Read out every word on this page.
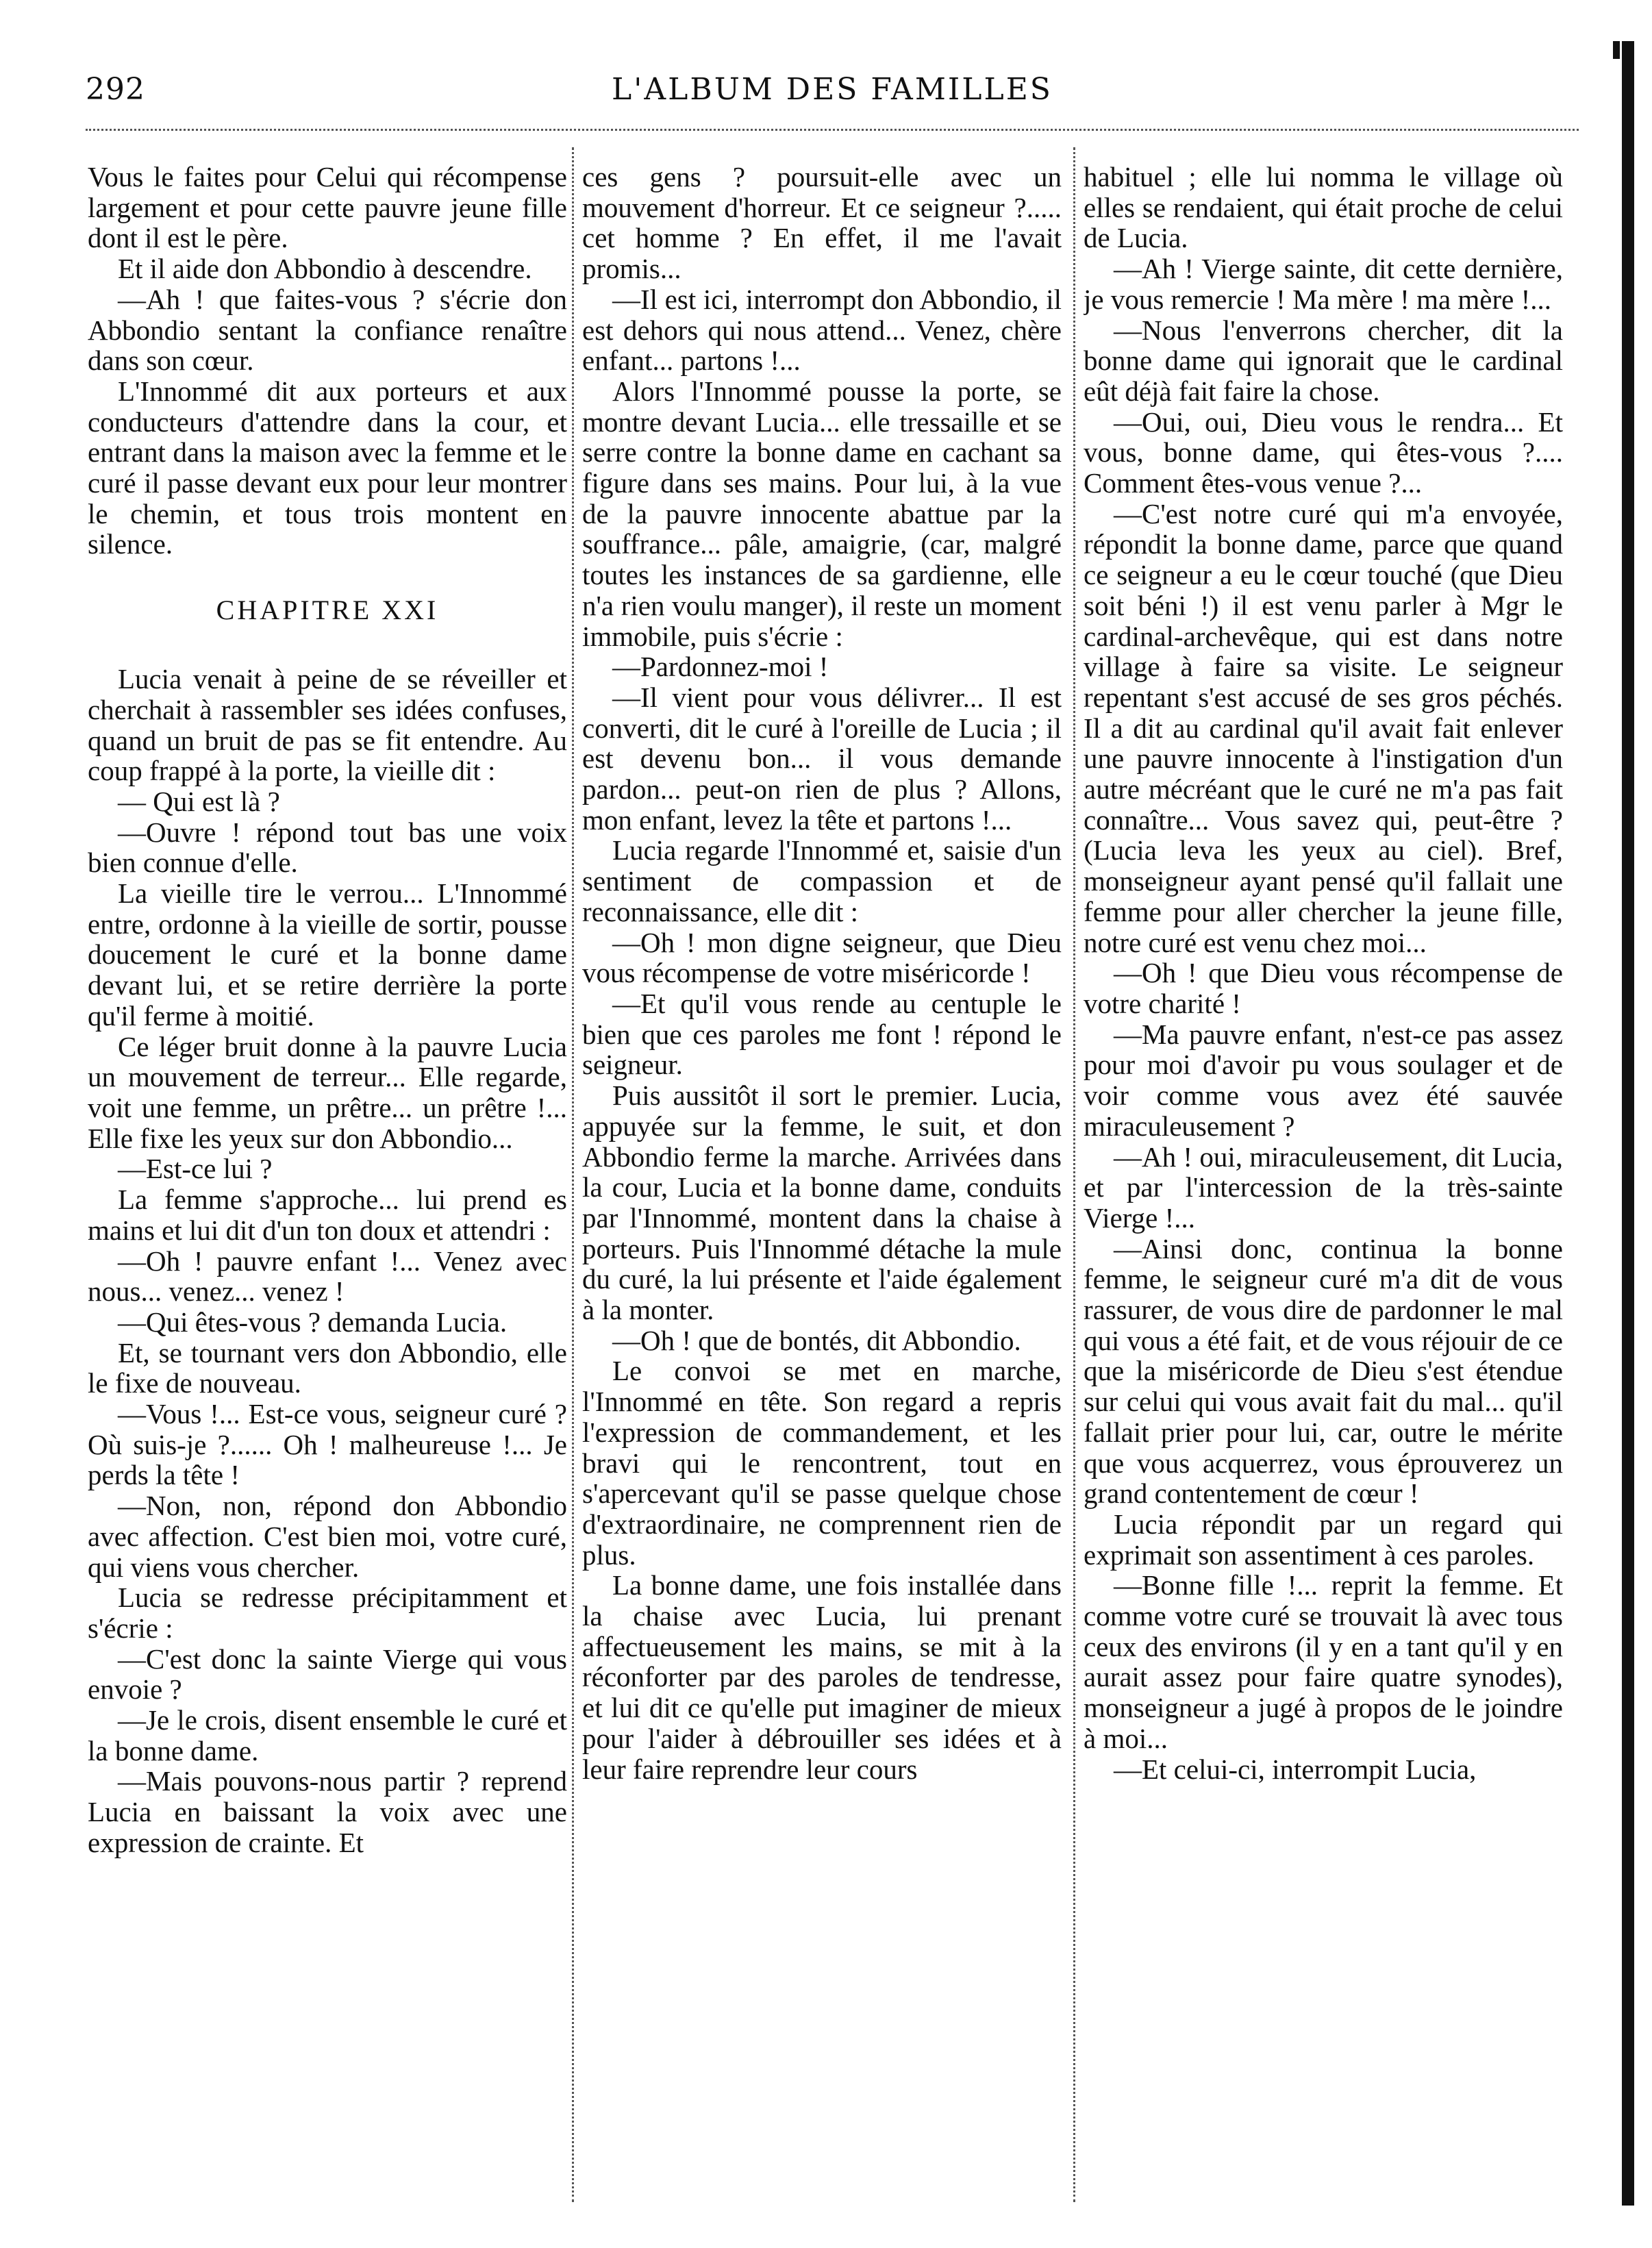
292	L'ALBUM DES FAMILLES

Vous le faites pour Celui qui récompense largement et pour cette pauvre jeune fille dont il est le père.

Et il aide don Abbondio à descendre.

—Ah ! que faites-vous ? s'écrie don Abbondio sentant la confiance renaître dans son cœur.

L'Innommé dit aux porteurs et aux conducteurs d'attendre dans la cour, et entrant dans la maison avec la femme et le curé il passe devant eux pour leur montrer le chemin, et tous trois montent en silence.

CHAPITRE XXI

Lucia venait à peine de se réveiller et cherchait à rassembler ses idées confuses, quand un bruit de pas se fit entendre. Au coup frappé à la porte, la vieille dit :

— Qui est là ?

—Ouvre ! répond tout bas une voix bien connue d'elle.

La vieille tire le verrou... L'Innommé entre, ordonne à la vieille de sortir, pousse doucement le curé et la bonne dame devant lui, et se retire derrière la porte qu'il ferme à moitié.

Ce léger bruit donne à la pauvre Lucia un mouvement de terreur... Elle regarde, voit une femme, un prêtre... un prêtre !... Elle fixe les yeux sur don Abbondio...

—Est-ce lui ?

La femme s'approche... lui prend es mains et lui dit d'un ton doux et attendri :

—Oh ! pauvre enfant !... Venez avec nous... venez... venez !

—Qui êtes-vous ? demanda Lucia.

Et, se tournant vers don Abbondio, elle le fixe de nouveau.

—Vous !... Est-ce vous, seigneur curé ? Où suis-je ?...... Oh ! malheureuse !... Je perds la tête !

—Non, non, répond don Abbondio avec affection. C'est bien moi, votre curé, qui viens vous chercher.

Lucia se redresse précipitamment et s'écrie :

—C'est donc la sainte Vierge qui vous envoie ?

—Je le crois, disent ensemble le curé et la bonne dame.

—Mais pouvons-nous partir ? reprend Lucia en baissant la voix avec une expression de crainte. Et

ces gens ? poursuit-elle avec un mouvement d'horreur. Et ce seigneur ?..... cet homme ? En effet, il me l'avait promis...

—Il est ici, interrompt don Abbondio, il est dehors qui nous attend... Venez, chère enfant... partons !...

Alors l'Innommé pousse la porte, se montre devant Lucia... elle tressaille et se serre contre la bonne dame en cachant sa figure dans ses mains. Pour lui, à la vue de la pauvre innocente abattue par la souffrance... pâle, amaigrie, (car, malgré toutes les instances de sa gardienne, elle n'a rien voulu manger), il reste un moment immobile, puis s'écrie :

—Pardonnez-moi !

—Il vient pour vous délivrer... Il est converti, dit le curé à l'oreille de Lucia ; il est devenu bon... il vous demande pardon... peut-on rien de plus ? Allons, mon enfant, levez la tête et partons !...

Lucia regarde l'Innommé et, saisie d'un sentiment de compassion et de reconnaissance, elle dit :

—Oh ! mon digne seigneur, que Dieu vous récompense de votre miséricorde !

—Et qu'il vous rende au centuple le bien que ces paroles me font ! répond le seigneur.

Puis aussitôt il sort le premier. Lucia, appuyée sur la femme, le suit, et don Abbondio ferme la marche. Arrivées dans la cour, Lucia et la bonne dame, conduits par l'Innommé, montent dans la chaise à porteurs. Puis l'Innommé détache la mule du curé, la lui présente et l'aide également à la monter.

—Oh ! que de bontés, dit Abbondio.

Le convoi se met en marche, l'Innommé en tête. Son regard a repris l'expression de commandement, et les bravi qui le rencontrent, tout en s'apercevant qu'il se passe quelque chose d'extraordinaire, ne comprennent rien de plus.

La bonne dame, une fois installée dans la chaise avec Lucia, lui prenant affectueusement les mains, se mit à la réconforter par des paroles de tendresse, et lui dit ce qu'elle put imaginer de mieux pour l'aider à débrouiller ses idées et à leur faire reprendre leur cours

habituel ; elle lui nomma le village où elles se rendaient, qui était proche de celui de Lucia.

—Ah ! Vierge sainte, dit cette dernière, je vous remercie ! Ma mère ! ma mère !...

—Nous l'enverrons chercher, dit la bonne dame qui ignorait que le cardinal eût déjà fait faire la chose.

—Oui, oui, Dieu vous le rendra... Et vous, bonne dame, qui êtes-vous ?.... Comment êtes-vous venue ?...

—C'est notre curé qui m'a envoyée, répondit la bonne dame, parce que quand ce seigneur a eu le cœur touché (que Dieu soit béni !) il est venu parler à Mgr le cardinal-archevêque, qui est dans notre village à faire sa visite. Le seigneur repentant s'est accusé de ses gros péchés. Il a dit au cardinal qu'il avait fait enlever une pauvre innocente à l'instigation d'un autre mécréant que le curé ne m'a pas fait connaître... Vous savez qui, peut-être ? (Lucia leva les yeux au ciel). Bref, monseigneur ayant pensé qu'il fallait une femme pour aller chercher la jeune fille, notre curé est venu chez moi...

—Oh ! que Dieu vous récompense de votre charité !

—Ma pauvre enfant, n'est-ce pas assez pour moi d'avoir pu vous soulager et de voir comme vous avez été sauvée miraculeusement ?

—Ah ! oui, miraculeusement, dit Lucia, et par l'intercession de la très-sainte Vierge !...

—Ainsi donc, continua la bonne femme, le seigneur curé m'a dit de vous rassurer, de vous dire de pardonner le mal qui vous a été fait, et de vous réjouir de ce que la miséricorde de Dieu s'est étendue sur celui qui vous avait fait du mal... qu'il fallait prier pour lui, car, outre le mérite que vous acquerrez, vous éprouverez un grand contentement de cœur !

Lucia répondit par un regard qui exprimait son assentiment à ces paroles.

—Bonne fille !... reprit la femme. Et comme votre curé se trouvait là avec tous ceux des environs (il y en a tant qu'il y en aurait assez pour faire quatre synodes), monseigneur a jugé à propos de le joindre à moi...

—Et celui-ci, interrompit Lucia,
